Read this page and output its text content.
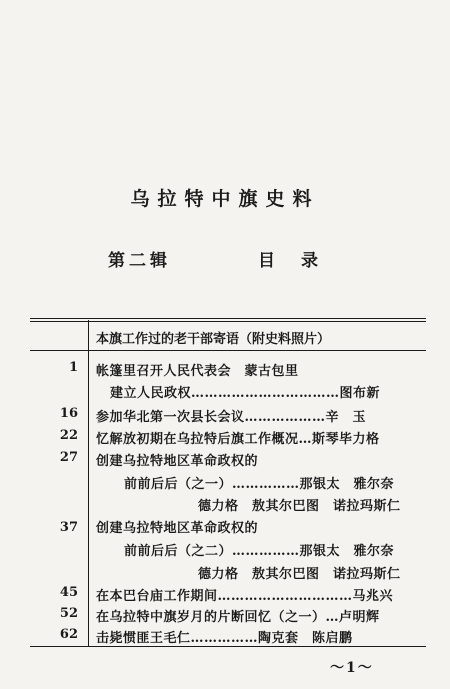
乌拉特中旗史料
第二辑	目录
本旗工作过的老干部寄语（附史料照片）
1 帐篷里召开人民代表会　蒙古包里
建立人民政权……………………………图布新
16 参加华北第一次县长会议………………辛　玉
22 忆解放初期在乌拉特后旗工作概况…斯琴毕力格
27 创建乌拉特地区革命政权的
前前后后（之一）……………那银太　雅尔奈
德力格　敖其尔巴图　诺拉玛斯仁
37 创建乌拉特地区革命政权的
前前后后（之二）……………那银太　雅尔奈
德力格　敖其尔巴图　诺拉玛斯仁
45 在本巴台庙工作期间…………………………马兆兴
52 在乌拉特中旗岁月的片断回忆（之一）…卢明辉
62 击毙惯匪王毛仁……………陶克套　陈启鹏
～1～
